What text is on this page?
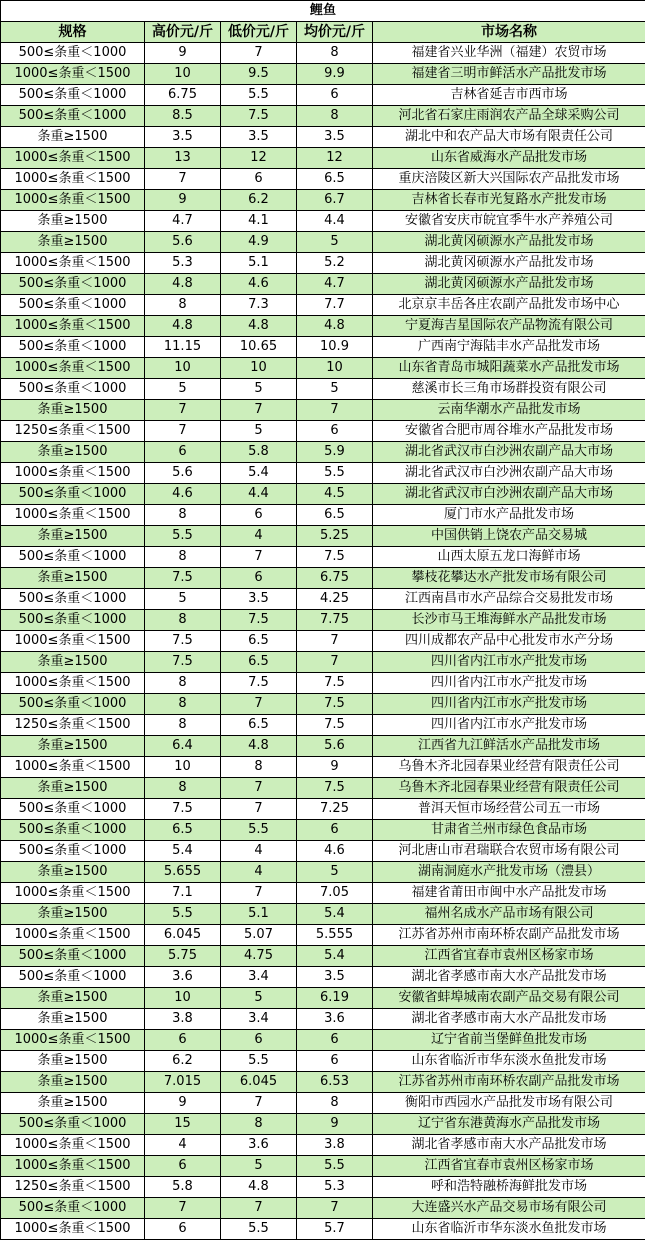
鲤鱼				
规格	高价元/斤	低价元/斤	均价元/斤	市场名称
500≤条重＜1000	9	7	8	福建省兴业华洲（福建）农贸市场
1000≤条重＜1500	10	9.5	9.9	福建省三明市鲜活水产品批发市场
500≤条重＜1000	6.75	5.5	6	吉林省延吉市西市场
500≤条重＜1000	8.5	7.5	8	河北省石家庄雨润农产品全球采购公司
条重≥1500	3.5	3.5	3.5	湖北中和农产品大市场有限责任公司
1000≤条重＜1500	13	12	12	山东省威海水产品批发市场
1000≤条重＜1500	7	6	6.5	重庆涪陵区新大兴国际农产品批发市场
1000≤条重＜1500	9	6.2	6.7	吉林省长春市光复路水产批发市场
条重≥1500	4.7	4.1	4.4	安徽省安庆市皖宜季牛水产养殖公司
条重≥1500	5.6	4.9	5	湖北黄冈硕源水产品批发市场
1000≤条重＜1500	5.3	5.1	5.2	湖北黄冈硕源水产品批发市场
500≤条重＜1000	4.8	4.6	4.7	湖北黄冈硕源水产品批发市场
500≤条重＜1000	8	7.3	7.7	北京京丰岳各庄农副产品批发市场中心
1000≤条重＜1500	4.8	4.8	4.8	宁夏海吉星国际农产品物流有限公司
500≤条重＜1000	11.15	10.65	10.9	广西南宁海陆丰水产品批发市场
1000≤条重＜1500	10	10	10	山东省青岛市城阳蔬菜水产品批发市场
500≤条重＜1000	5	5	5	慈溪市长三角市场群投资有限公司
条重≥1500	7	7	7	云南华潮水产品批发市场
1250≤条重＜1500	7	5	6	安徽省合肥市周谷堆水产品批发市场
条重≥1500	6	5.8	5.9	湖北省武汉市白沙洲农副产品大市场
1000≤条重＜1500	5.6	5.4	5.5	湖北省武汉市白沙洲农副产品大市场
500≤条重＜1000	4.6	4.4	4.5	湖北省武汉市白沙洲农副产品大市场
1000≤条重＜1500	8	6	6.5	厦门市水产品批发市场
条重≥1500	5.5	4	5.25	中国供销上饶农产品交易城
500≤条重＜1000	8	7	7.5	山西太原五龙口海鲜市场
条重≥1500	7.5	6	6.75	攀枝花攀达水产批发市场有限公司
500≤条重＜1000	5	3.5	4.25	江西南昌市水产品综合交易批发市场
500≤条重＜1000	8	7.5	7.75	长沙市马王堆海鲜水产品批发市场
1000≤条重＜1500	7.5	6.5	7	四川成都农产品中心批发市水产分场
条重≥1500	7.5	6.5	7	四川省内江市水产批发市场
1000≤条重＜1500	8	7.5	7.5	四川省内江市水产批发市场
500≤条重＜1000	8	7	7.5	四川省内江市水产批发市场
1250≤条重＜1500	8	6.5	7.5	四川省内江市水产批发市场
条重≥1500	6.4	4.8	5.6	江西省九江鲜活水产品批发市场
1000≤条重＜1500	10	8	9	乌鲁木齐北园春果业经营有限责任公司
条重≥1500	8	7	7.5	乌鲁木齐北园春果业经营有限责任公司
500≤条重＜1000	7.5	7	7.25	普洱天恒市场经营公司五一市场
500≤条重＜1000	6.5	5.5	6	甘肃省兰州市绿色食品市场
500≤条重＜1000	5.4	4	4.6	河北唐山市君瑞联合农贸市场有限公司
条重≥1500	5.655	4	5	湖南洞庭水产批发市场（澧县）
1000≤条重＜1500	7.1	7	7.05	福建省莆田市闽中水产品批发市场
条重≥1500	5.5	5.1	5.4	福州名成水产品市场有限公司
1000≤条重＜1500	6.045	5.07	5.555	江苏省苏州市南环桥农副产品批发市场
500≤条重＜1000	5.75	4.75	5.4	江西省宜春市袁州区杨家市场
500≤条重＜1000	3.6	3.4	3.5	湖北省孝感市南大水产品批发市场
条重≥1500	10	5	6.19	安徽省蚌埠城南农副产品交易有限公司
条重≥1500	3.8	3.4	3.6	湖北省孝感市南大水产品批发市场
1000≤条重＜1500	6	6	6	辽宁省前当堡鲜鱼批发市场
条重≥1500	6.2	5.5	6	山东省临沂市华东淡水鱼批发市场
条重≥1500	7.015	6.045	6.53	江苏省苏州市南环桥农副产品批发市场
条重≥1500	9	7	8	衡阳市西园水产品批发市场有限公司
500≤条重＜1000	15	8	9	辽宁省东港黄海水产品批发市场
1000≤条重＜1500	4	3.6	3.8	湖北省孝感市南大水产品批发市场
1000≤条重＜1500	6	5	5.5	江西省宜春市袁州区杨家市场
1250≤条重＜1500	5.8	4.8	5.3	呼和浩特融桥海鲜批发市场
500≤条重＜1000	7	7	7	大连盛兴水产品交易市场有限公司
1000≤条重＜1500	6	5.5	5.7	山东省临沂市华东淡水鱼批发市场
